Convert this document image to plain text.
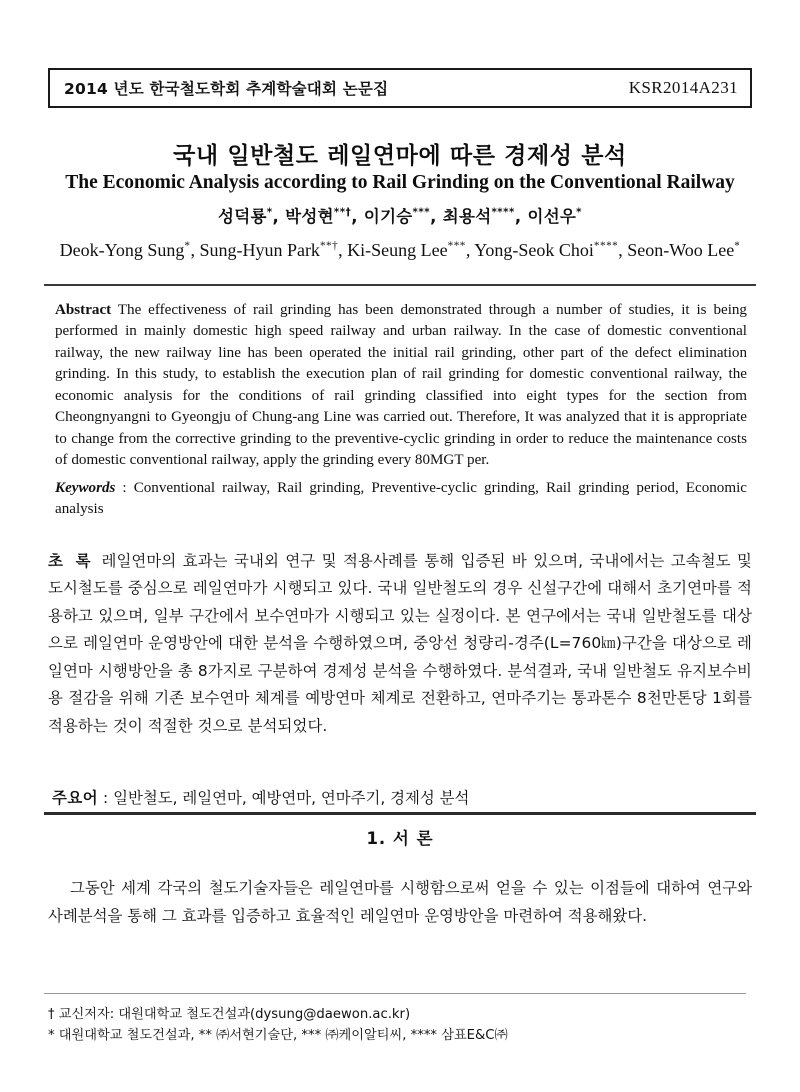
2014 년도 한국철도학회 추계학술대회 논문집	KSR2014A231
국내 일반철도 레일연마에 따른 경제성 분석
The Economic Analysis according to Rail Grinding on the Conventional Railway
성덕룡*, 박성현**†, 이기승***, 최용석****, 이선우*
Deok-Yong Sung*, Sung-Hyun Park**†, Ki-Seung Lee***, Yong-Seok Choi****, Seon-Woo Lee*
Abstract The effectiveness of rail grinding has been demonstrated through a number of studies, it is being performed in mainly domestic high speed railway and urban railway. In the case of domestic conventional railway, the new railway line has been operated the initial rail grinding, other part of the defect elimination grinding. In this study, to establish the execution plan of rail grinding for domestic conventional railway, the economic analysis for the conditions of rail grinding classified into eight types for the section from Cheongnyangni to Gyeongju of Chung-ang Line was carried out. Therefore, It was analyzed that it is appropriate to change from the corrective grinding to the preventive-cyclic grinding in order to reduce the maintenance costs of domestic conventional railway, apply the grinding every 80MGT per.
Keywords : Conventional railway, Rail grinding, Preventive-cyclic grinding, Rail grinding period, Economic analysis
초 록 레일연마의 효과는 국내외 연구 및 적용사례를 통해 입증된 바 있으며, 국내에서는 고속철도 및 도시철도를 중심으로 레일연마가 시행되고 있다. 국내 일반철도의 경우 신설구간에 대해서 초기연마를 적용하고 있으며, 일부 구간에서 보수연마가 시행되고 있는 실정이다. 본 연구에서는 국내 일반철도를 대상으로 레일연마 운영방안에 대한 분석을 수행하였으며, 중앙선 청량리-경주(L=760㎞)구간을 대상으로 레일연마 시행방안을 총 8가지로 구분하여 경제성 분석을 수행하였다. 분석결과, 국내 일반철도 유지보수비용 절감을 위해 기존 보수연마 체계를 예방연마 체계로 전환하고, 연마주기는 통과톤수 8천만톤당 1회를 적용하는 것이 적절한 것으로 분석되었다.
주요어 : 일반철도, 레일연마, 예방연마, 연마주기, 경제성 분석
1. 서 론
그동안 세계 각국의 철도기술자들은 레일연마를 시행함으로써 얻을 수 있는 이점들에 대하여 연구와 사례분석을 통해 그 효과를 입증하고 효율적인 레일연마 운영방안을 마련하여 적용해왔다.
† 교신저자: 대원대학교 철도건설과(dysung@daewon.ac.kr)
* 대원대학교 철도건설과, ** ㈜서현기술단, *** ㈜케이알티씨, **** 삼표E&C㈜
